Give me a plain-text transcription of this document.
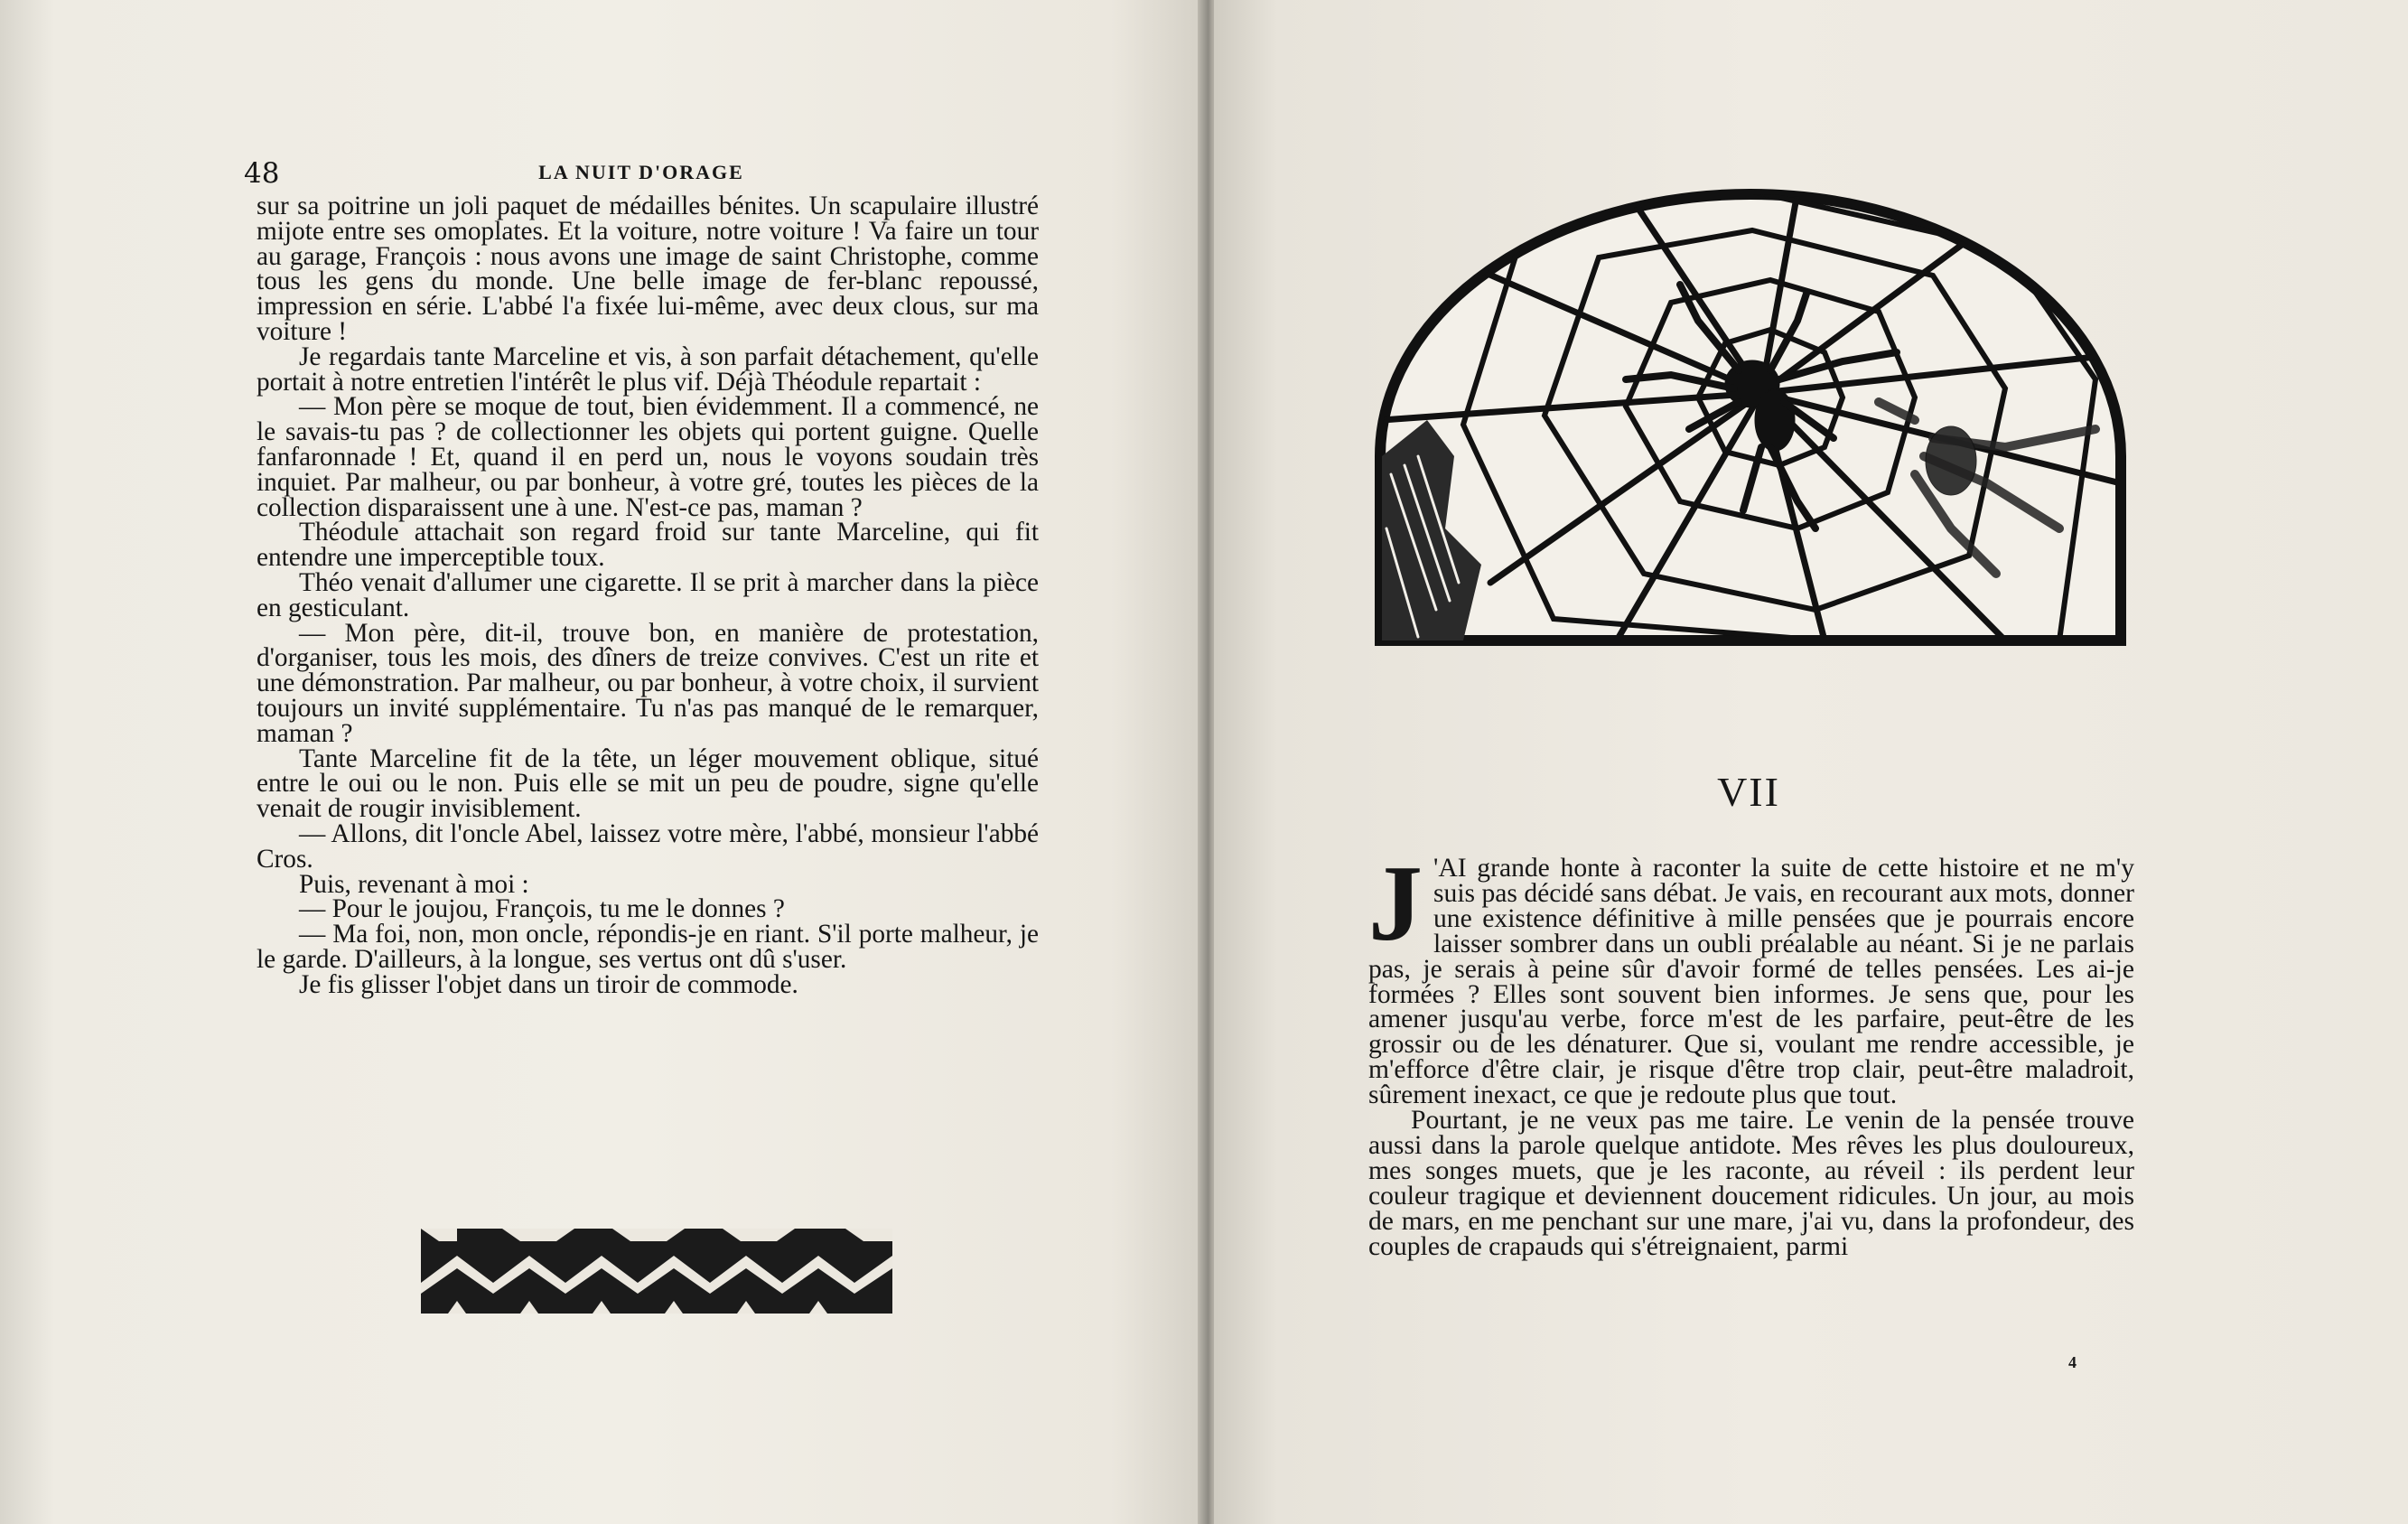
48	LA NUIT D'ORAGE

sur sa poitrine un joli paquet de médailles bénites. Un scapulaire illustré mijote entre ses omoplates. Et la voiture, notre voiture ! Va faire un tour au garage, François : nous avons une image de saint Christophe, comme tous les gens du monde. Une belle image de fer-blanc repoussé, impression en série. L'abbé l'a fixée lui-même, avec deux clous, sur ma voiture !

Je regardais tante Marceline et vis, à son parfait détachement, qu'elle portait à notre entretien l'intérêt le plus vif. Déjà Théodule repartait :

— Mon père se moque de tout, bien évidemment. Il a commencé, ne le savais-tu pas ? de collectionner les objets qui portent guigne. Quelle fanfaronnade ! Et, quand il en perd un, nous le voyons soudain très inquiet. Par malheur, ou par bonheur, à votre gré, toutes les pièces de la collection disparaissent une à une. N'est-ce pas, maman ?

Théodule attachait son regard froid sur tante Marceline, qui fit entendre une imperceptible toux.

Théo venait d'allumer une cigarette. Il se prit à marcher dans la pièce en gesticulant.

— Mon père, dit-il, trouve bon, en manière de protestation, d'organiser, tous les mois, des dîners de treize convives. C'est un rite et une démonstration. Par malheur, ou par bonheur, à votre choix, il survient toujours un invité supplémentaire. Tu n'as pas manqué de le remarquer, maman ?

Tante Marceline fit de la tête, un léger mouvement oblique, situé entre le oui ou le non. Puis elle se mit un peu de poudre, signe qu'elle venait de rougir invisiblement.

— Allons, dit l'oncle Abel, laissez votre mère, l'abbé, monsieur l'abbé Cros.

Puis, revenant à moi :

— Pour le joujou, François, tu me le donnes ?

— Ma foi, non, mon oncle, répondis-je en riant. S'il porte malheur, je le garde. D'ailleurs, à la longue, ses vertus ont dû s'user.

Je fis glisser l'objet dans un tiroir de commode.

VII

J 'AI grande honte à raconter la suite de cette histoire et ne m'y suis pas décidé sans débat. Je vais, en recourant aux mots, donner une existence définitive à mille pensées que je pourrais encore laisser sombrer dans un oubli préalable au néant. Si je ne parlais pas, je serais à peine sûr d'avoir formé de telles pensées. Les ai-je formées ? Elles sont souvent bien informes. Je sens que, pour les amener jusqu'au verbe, force m'est de les parfaire, peut-être de les grossir ou de les dénaturer. Que si, voulant me rendre accessible, je m'efforce d'être clair, je risque d'être trop clair, peut-être maladroit, sûrement inexact, ce que je redoute plus que tout.

Pourtant, je ne veux pas me taire. Le venin de la pensée trouve aussi dans la parole quelque antidote. Mes rêves les plus douloureux, mes songes muets, que je les raconte, au réveil : ils perdent leur couleur tragique et deviennent doucement ridicules. Un jour, au mois de mars, en me penchant sur une mare, j'ai vu, dans la profondeur, des couples de crapauds qui s'étreignaient, parmi

4
